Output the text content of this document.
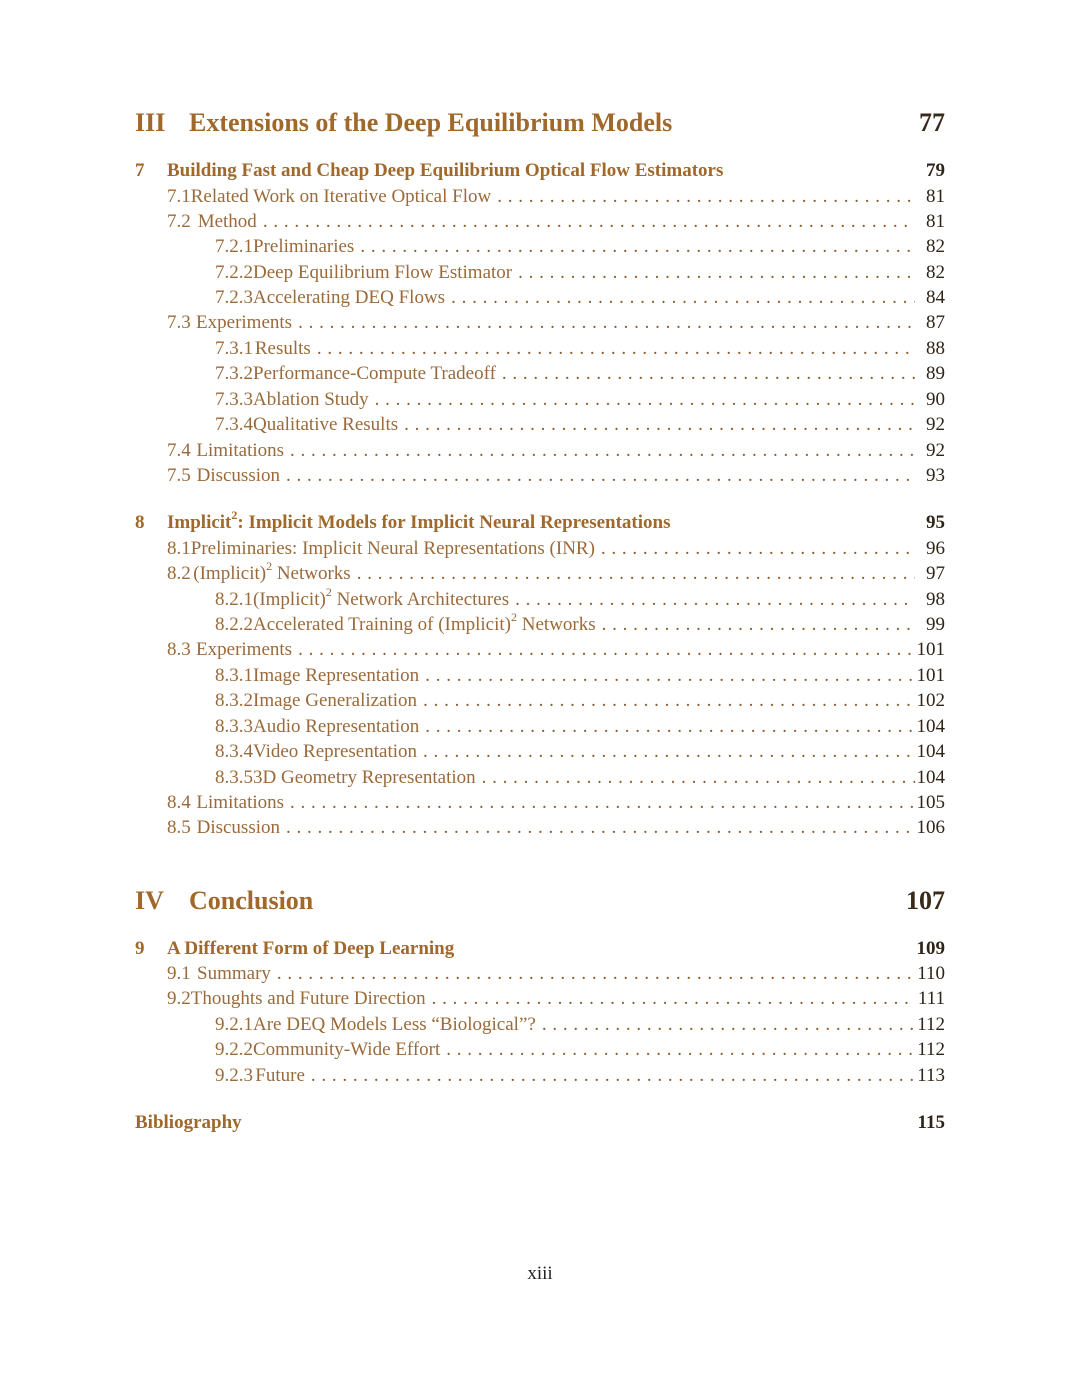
III Extensions of the Deep Equilibrium Models	77
7	Building Fast and Cheap Deep Equilibrium Optical Flow Estimators	79
7.1 Related Work on Iterative Optical Flow . . .	81
7.2 Method . . .	81
7.2.1 Preliminaries . . .	82
7.2.2 Deep Equilibrium Flow Estimator . . .	82
7.2.3 Accelerating DEQ Flows . . .	84
7.3 Experiments . . .	87
7.3.1 Results . . .	88
7.3.2 Performance-Compute Tradeoff . . .	89
7.3.3 Ablation Study . . .	90
7.3.4 Qualitative Results . . .	92
7.4 Limitations . . .	92
7.5 Discussion . . .	93
8	Implicit$^2$: Implicit Models for Implicit Neural Representations	95
8.1 Preliminaries: Implicit Neural Representations (INR) . . .	96
8.2 (Implicit)$^2$ Networks . . .	97
8.2.1 (Implicit)$^2$ Network Architectures . . .	98
8.2.2 Accelerated Training of (Implicit)$^2$ Networks . . .	99
8.3 Experiments . . .	101
8.3.1 Image Representation . . .	101
8.3.2 Image Generalization . . .	102
8.3.3 Audio Representation . . .	104
8.3.4 Video Representation . . .	104
8.3.5 3D Geometry Representation . . .	104
8.4 Limitations . . .	105
8.5 Discussion . . .	106
IV Conclusion	107
9	A Different Form of Deep Learning	109
9.1 Summary . . .	110
9.2 Thoughts and Future Direction . . .	111
9.2.1 Are DEQ Models Less “Biological”? . . .	112
9.2.2 Community-Wide Effort . . .	112
9.2.3 Future . . .	113
Bibliography	115
xiii
